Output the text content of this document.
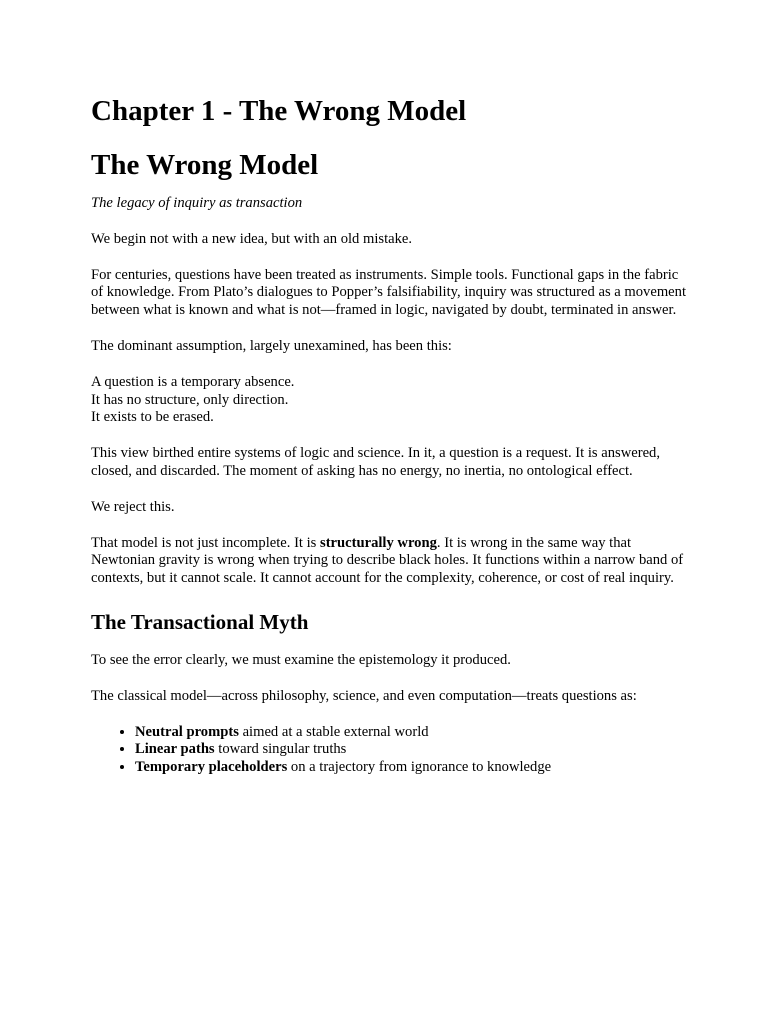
Chapter 1 - The Wrong Model
The Wrong Model

The legacy of inquiry as transaction

We begin not with a new idea, but with an old mistake.

For centuries, questions have been treated as instruments. Simple tools. Functional gaps in the fabric of knowledge. From Plato’s dialogues to Popper’s falsifiability, inquiry was structured as a movement between what is known and what is not—framed in logic, navigated by doubt, terminated in answer.

The dominant assumption, largely unexamined, has been this:

A question is a temporary absence.
It has no structure, only direction.
It exists to be erased.

This view birthed entire systems of logic and science. In it, a question is a request. It is answered, closed, and discarded. The moment of asking has no energy, no inertia, no ontological effect.

We reject this.

That model is not just incomplete. It is structurally wrong. It is wrong in the same way that Newtonian gravity is wrong when trying to describe black holes. It functions within a narrow band of contexts, but it cannot scale. It cannot account for the complexity, coherence, or cost of real inquiry.

The Transactional Myth

To see the error clearly, we must examine the epistemology it produced.

The classical model—across philosophy, science, and even computation—treats questions as:

• Neutral prompts aimed at a stable external world
• Linear paths toward singular truths
• Temporary placeholders on a trajectory from ignorance to knowledge
